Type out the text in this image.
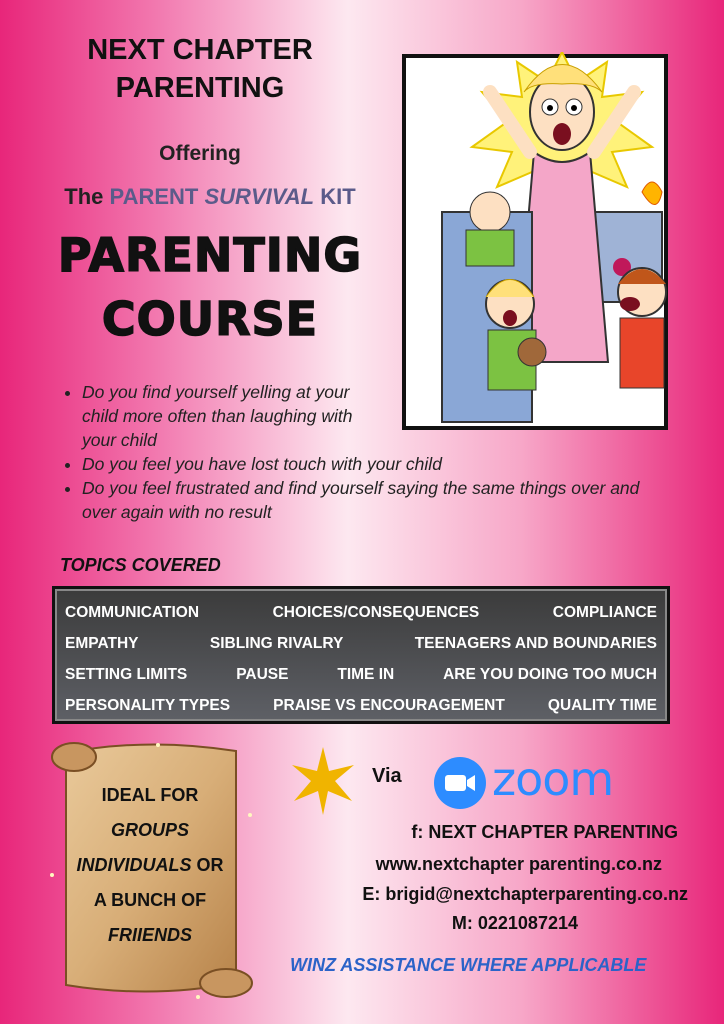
NEXT CHAPTER
PARENTING
Offering
The PARENT SURVIVAL KIT
PARENTING
COURSE
• Do you find yourself yelling at your child more often than laughing with your child
• Do you feel you have lost touch with your child
• Do you feel frustrated and find yourself saying the same things over and over again with no result
TOPICS COVERED
COMMUNICATION	CHOICES/CONSEQUENCES	COMPLIANCE
EMPATHY	SIBLING RIVALRY	TEENAGERS AND BOUNDARIES
SETTING LIMITS	PAUSE	TIME IN	ARE YOU DOING TOO MUCH
PERSONALITY TYPES	PRAISE VS ENCOURAGEMENT	QUALITY TIME
IDEAL FOR
GROUPS
INDIVIDUALS OR
A BUNCH OF
FRIIENDS
Via zoom
f: NEXT CHAPTER PARENTING
www.nextchapter parenting.co.nz
E: brigid@nextchapterparenting.co.nz
M: 0221087214
WINZ ASSISTANCE WHERE APPLICABLE
